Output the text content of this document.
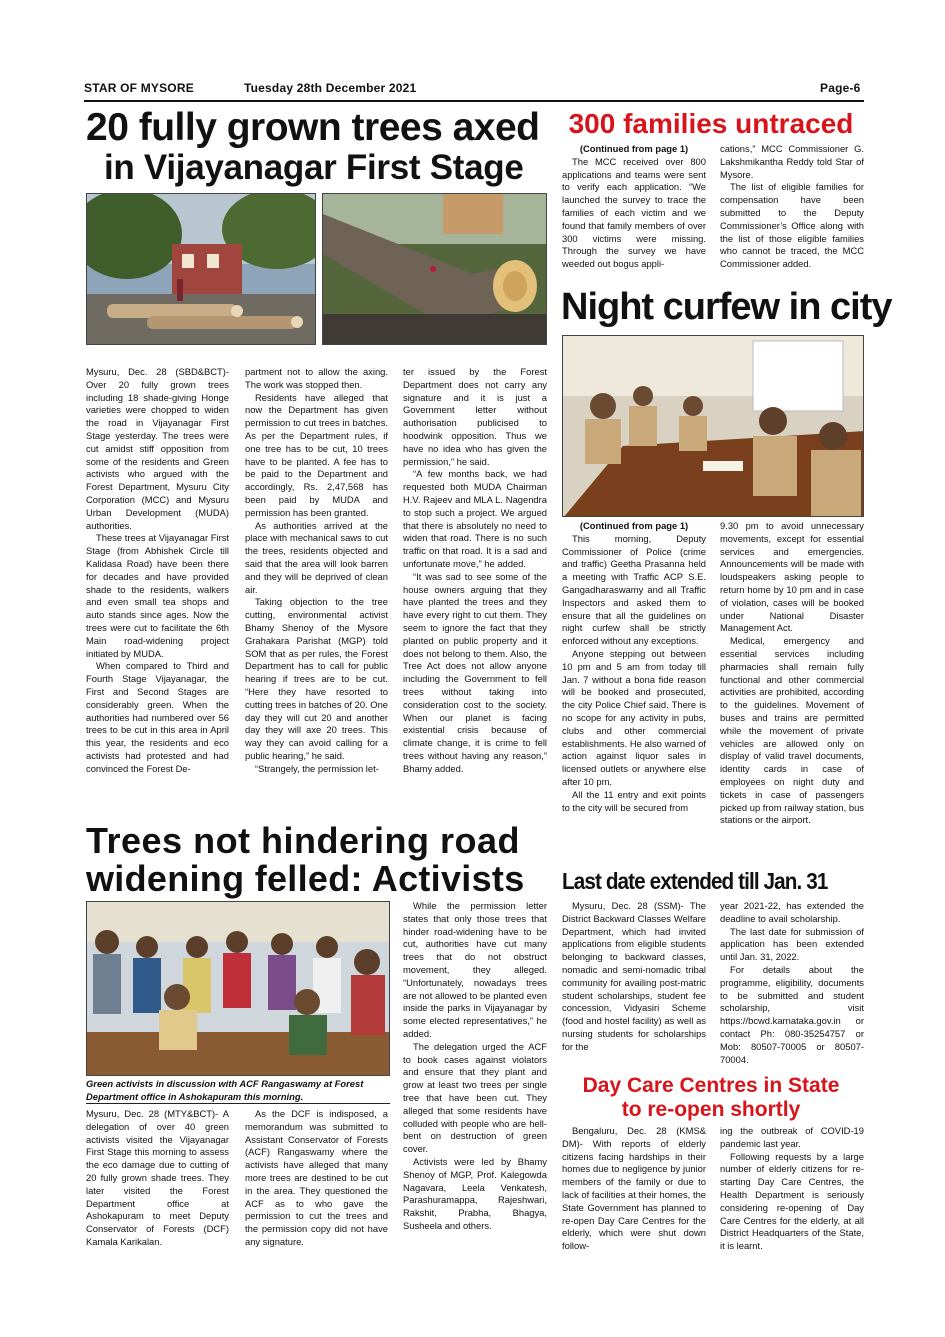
STAR OF MYSORE	Tuesday 28th December 2021	Page-6
20 fully grown trees axed
in Vijayanagar First Stage

Mysuru, Dec. 28 (SBD&BCT)- Over 20 fully grown trees including 18 shade-giving Honge varieties were chopped to widen the road in Vijayanagar First Stage yesterday. The trees were cut amidst stiff opposition from some of the residents and Green activists who argued with the Forest Department, Mysuru City Corporation (MCC) and Mysuru Urban Development (MUDA) authorities.

These trees at Vijayanagar First Stage (from Abhishek Circle till Kalidasa Road) have been there for decades and have provided shade to the residents, walkers and even small tea shops and auto stands since ages. Now the trees were cut to facilitate the 6th Main road-widening project initiated by MUDA.

When compared to Third and Fourth Stage Vijayanagar, the First and Second Stages are considerably green. When the authorities had numbered over 56 trees to be cut in this area in April this year, the residents and eco activists had protested and had convinced the Forest De-

partment not to allow the axing. The work was stopped then.

Residents have alleged that now the Department has given permission to cut trees in batches. As per the Department rules, if one tree has to be cut, 10 trees have to be planted. A fee has to be paid to the Department and accordingly, Rs. 2,47,568 has been paid by MUDA and permission has been granted.

As authorities arrived at the place with mechanical saws to cut the trees, residents objected and said that the area will look barren and they will be deprived of clean air.

Taking objection to the tree cutting, environmental activist Bhamy Shenoy of the Mysore Grahakara Parishat (MGP) told SOM that as per rules, the Forest Department has to call for public hearing if trees are to be cut. “Here they have resorted to cutting trees in batches of 20. One day they will cut 20 and another day they will axe 20 trees. This way they can avoid calling for a public hearing,” he said.

“Strangely, the permission let-

ter issued by the Forest Department does not carry any signature and it is just a Government letter without authorisation publicised to hoodwink opposition. Thus we have no idea who has given the permission,” he said.

“A few months back, we had requested both MUDA Chairman H.V. Rajeev and MLA L. Nagendra to stop such a project. We argued that there is absolutely no need to widen that road. There is no such traffic on that road. It is a sad and unfortunate move,” he added.

“It was sad to see some of the house owners arguing that they have planted the trees and they have every right to cut them. They seem to ignore the fact that they planted on public property and it does not belong to them. Also, the Tree Act does not allow anyone including the Government to fell trees without taking into consideration cost to the society. When our planet is facing existential crisis because of climate change, it is crime to fell trees without having any reason,” Bhamy added.

300 families untraced

(Continued from page 1)

The MCC received over 800 applications and teams were sent to verify each application. “We launched the survey to trace the families of each victim and we found that family members of over 300 victims were missing. Through the survey we have weeded out bogus appli-

cations,” MCC Commissioner G. Lakshmikantha Reddy told Star of Mysore.

The list of eligible families for compensation have been submitted to the Deputy Commissioner’s Office along with the list of those eligible families who cannot be traced, the MCC Commissioner added.

Night curfew in city

(Continued from page 1)

This morning, Deputy Commissioner of Police (crime and traffic) Geetha Prasanna held a meeting with Traffic ACP S.E. Gangadharaswamy and all Traffic Inspectors and asked them to ensure that all the guidelines on night curfew shall be strictly enforced without any exceptions.

Anyone stepping out between 10 pm and 5 am from today till Jan. 7 without a bona fide reason will be booked and prosecuted, the city Police Chief said. There is no scope for any activity in pubs, clubs and other commercial establishments. He also warned of action against liquor sales in licensed outlets or anywhere else after 10 pm.

All the 11 entry and exit points to the city will be secured from

9.30 pm to avoid unnecessary movements, except for essential services and emergencies. Announcements will be made with loudspeakers asking people to return home by 10 pm and in case of violation, cases will be booked under National Disaster Management Act.

Medical, emergency and essential services including pharmacies shall remain fully functional and other commercial activities are prohibited, according to the guidelines. Movement of buses and trains are permitted while the movement of private vehicles are allowed only on display of valid travel documents, identity cards in case of employees on night duty and tickets in case of passengers picked up from railway station, bus stations or the airport.

Trees not hindering road
widening felled: Activists
Green activists in discussion with ACF Rangaswamy at Forest Department office in Ashokapuram this morning.

Mysuru, Dec. 28 (MTY&BCT)- A delegation of over 40 green activists visited the Vijayanagar First Stage this morning to assess the eco damage due to cutting of 20 fully grown shade trees. They later visited the Forest Department office at Ashokapuram to meet Deputy Conservator of Forests (DCF) Kamala Karikalan.

As the DCF is indisposed, a memorandum was submitted to Assistant Conservator of Forests (ACF) Rangaswamy where the activists have alleged that many more trees are destined to be cut in the area. They questioned the ACF as to who gave the permission to cut the trees and the permission copy did not have any signature.

While the permission letter states that only those trees that hinder road-widening have to be cut, authorities have cut many trees that do not obstruct movement, they alleged. “Unfortunately, nowadays trees are not allowed to be planted even inside the parks in Vijayanagar by some elected representatives,” he added.

The delegation urged the ACF to book cases against violators and ensure that they plant and grow at least two trees per single tree that have been cut. They alleged that some residents have colluded with people who are hell-bent on destruction of green cover.

Activists were led by Bhamy Shenoy of MGP, Prof. Kalegowda Nagavara, Leela Venkatesh, Parashuramappa, Rajeshwari, Rakshit, Prabha, Bhagya, Susheela and others.

Last date extended till Jan. 31

Mysuru, Dec. 28 (SSM)- The District Backward Classes Welfare Department, which had invited applications from eligible students belonging to backward classes, nomadic and semi-nomadic tribal community for availing post-matric student scholarships, student fee concession, Vidyasiri Scheme (food and hostel facility) as well as nursing students for scholarships for the

year 2021-22, has extended the deadline to avail scholarship.

The last date for submission of application has been extended until Jan. 31, 2022.

For details about the programme, eligibility, documents to be submitted and student scholarship, visit https://bcwd.karnataka.gov.in or contact Ph: 080-35254757 or Mob: 80507-70005 or 80507-70004.

Day Care Centres in State
to re-open shortly

Bengaluru, Dec. 28 (KMS& DM)- With reports of elderly citizens facing hardships in their homes due to negligence by junior members of the family or due to lack of facilities at their homes, the State Government has planned to re-open Day Care Centres for the elderly, which were shut down follow-

ing the outbreak of COVID-19 pandemic last year.

Following requests by a large number of elderly citizens for re-starting Day Care Centres, the Health Department is seriously considering re-opening of Day Care Centres for the elderly, at all District Headquarters of the State, it is learnt.
